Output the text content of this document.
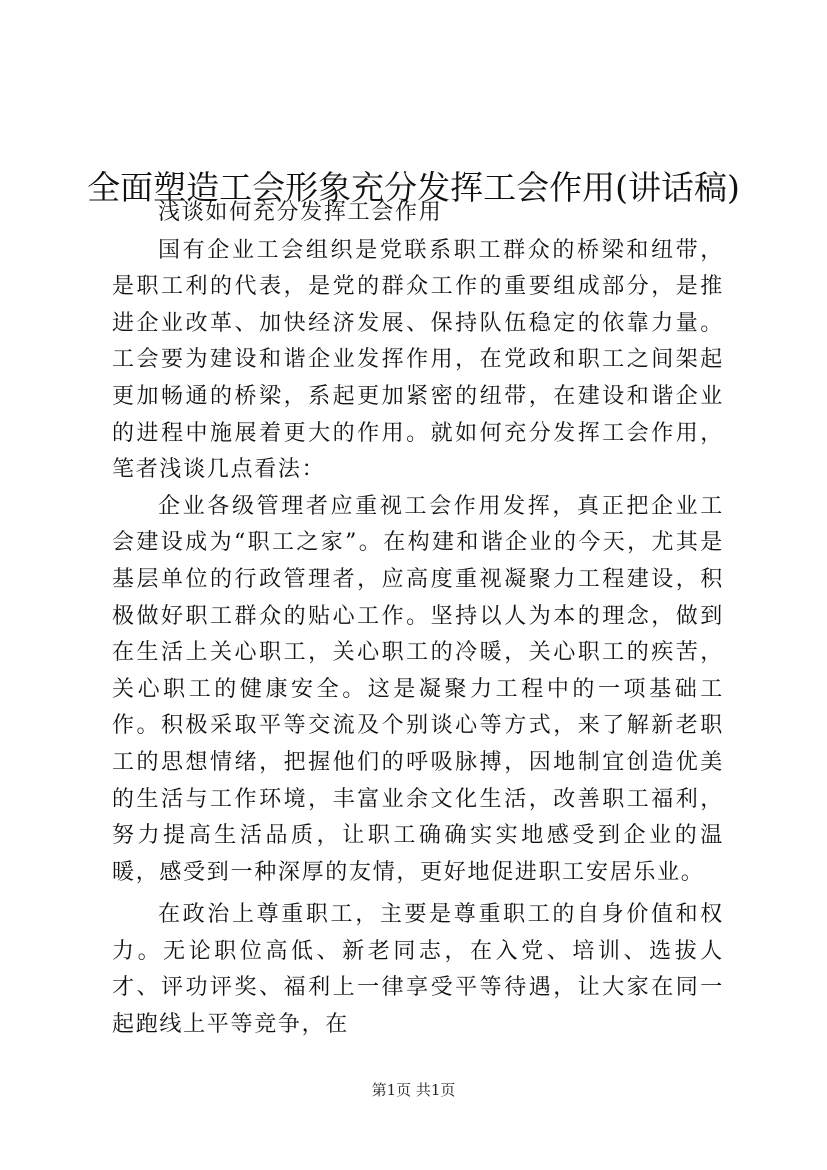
全面塑造工会形象充分发挥工会作用(讲话稿)

浅谈如何充分发挥工会作用

国有企业工会组织是党联系职工群众的桥梁和纽带，是职工利的代表，是党的群众工作的重要组成部分，是推进企业改革、加快经济发展、保持队伍稳定的依靠力量。工会要为建设和谐企业发挥作用，在党政和职工之间架起更加畅通的桥梁，系起更加紧密的纽带，在建设和谐企业的进程中施展着更大的作用。就如何充分发挥工会作用，笔者浅谈几点看法：

企业各级管理者应重视工会作用发挥，真正把企业工会建设成为“职工之家”。在构建和谐企业的今天，尤其是基层单位的行政管理者，应高度重视凝聚力工程建设，积极做好职工群众的贴心工作。坚持以人为本的理念，做到在生活上关心职工，关心职工的冷暖，关心职工的疾苦，关心职工的健康安全。这是凝聚力工程中的一项基础工作。积极采取平等交流及个别谈心等方式，来了解新老职工的思想情绪，把握他们的呼吸脉搏，因地制宜创造优美的生活与工作环境，丰富业余文化生活，改善职工福利，努力提高生活品质，让职工确确实实地感受到企业的温暖，感受到一种深厚的友情，更好地促进职工安居乐业。

在政治上尊重职工，主要是尊重职工的自身价值和权力。无论职位高低、新老同志，在入党、培训、选拔人才、评功评奖、福利上一律享受平等待遇，让大家在同一起跑线上平等竞争，在

第1页 共1页
